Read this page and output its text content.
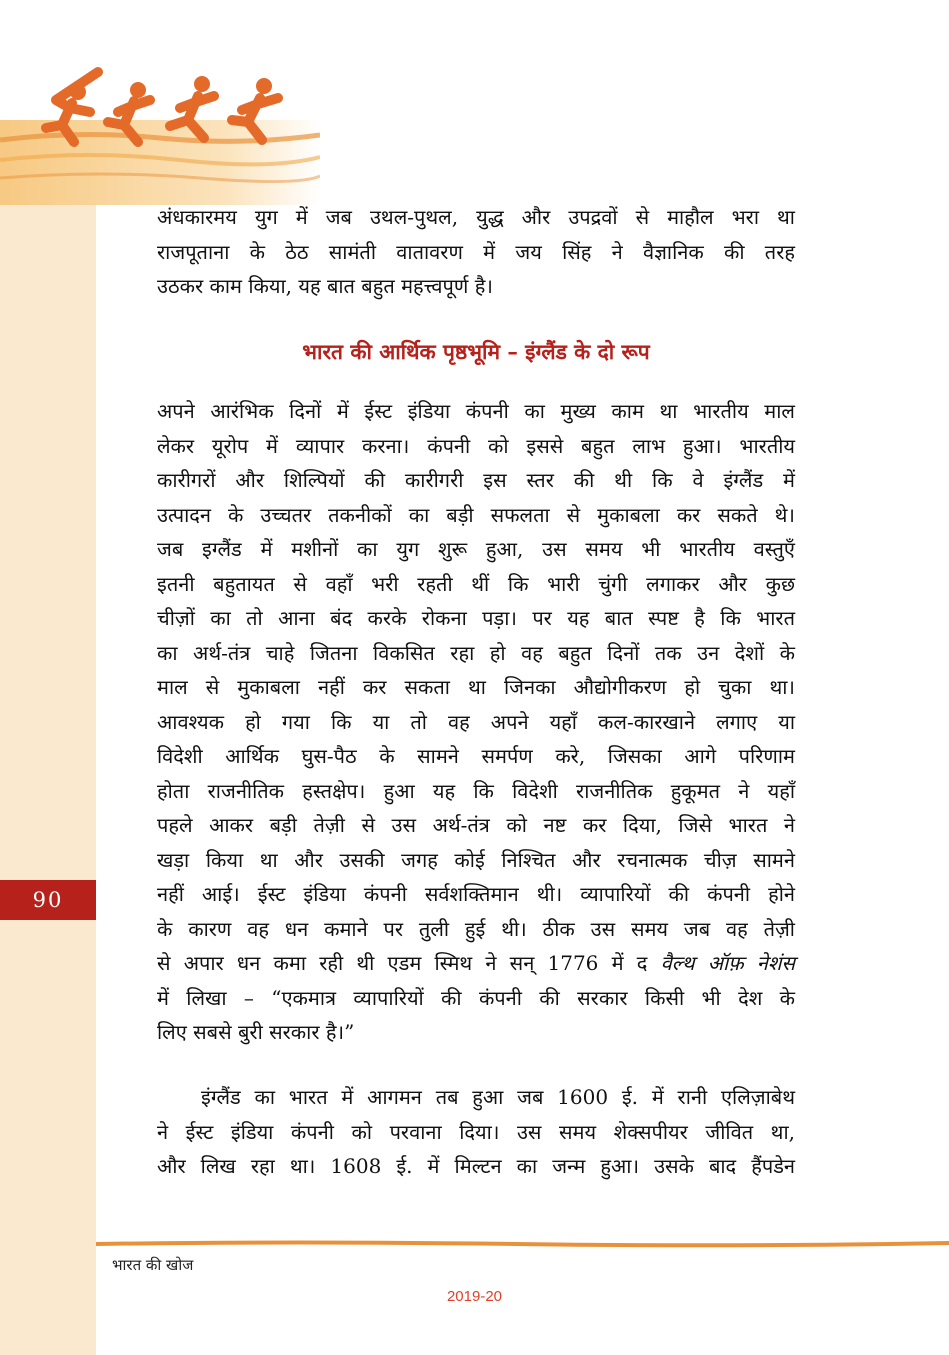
90

अंधकारमय युग में जब उथल-पुथल, युद्ध और उपद्रवों से माहौल भरा था
राजपूताना के ठेठ सामंती वातावरण में जय सिंह ने वैज्ञानिक की तरह
उठकर काम किया, यह बात बहुत महत्त्वपूर्ण है।

भारत की आर्थिक पृष्ठभूमि – इंग्लैंड के दो रूप

अपने आरंभिक दिनों में ईस्ट इंडिया कंपनी का मुख्य काम था भारतीय माल
लेकर यूरोप में व्यापार करना। कंपनी को इससे बहुत लाभ हुआ। भारतीय
कारीगरों और शिल्पियों की कारीगरी इस स्तर की थी कि वे इंग्लैंड में
उत्पादन के उच्चतर तकनीकों का बड़ी सफलता से मुकाबला कर सकते थे।
जब इग्लैंड में मशीनों का युग शुरू हुआ, उस समय भी भारतीय वस्तुएँ
इतनी बहुतायत से वहाँ भरी रहती थीं कि भारी चुंगी लगाकर और कुछ
चीज़ों का तो आना बंद करके रोकना पड़ा। पर यह बात स्पष्ट है कि भारत
का अर्थ-तंत्र चाहे जितना विकसित रहा हो वह बहुत दिनों तक उन देशों के
माल से मुकाबला नहीं कर सकता था जिनका औद्योगीकरण हो चुका था।
आवश्यक हो गया कि या तो वह अपने यहाँ कल-कारखाने लगाए या
विदेशी आर्थिक घुस-पैठ के सामने समर्पण करे, जिसका आगे परिणाम
होता राजनीतिक हस्तक्षेप। हुआ यह कि विदेशी राजनीतिक हुकूमत ने यहाँ
पहले आकर बड़ी तेज़ी से उस अर्थ-तंत्र को नष्ट कर दिया, जिसे भारत ने
खड़ा किया था और उसकी जगह कोई निश्चित और रचनात्मक चीज़ सामने
नहीं आई। ईस्ट इंडिया कंपनी सर्वशक्तिमान थी। व्यापारियों की कंपनी होने
के कारण वह धन कमाने पर तुली हुई थी। ठीक उस समय जब वह तेज़ी
से अपार धन कमा रही थी एडम स्मिथ ने सन् 1776 में द वैल्थ ऑफ़ नेशंस
में लिखा – “एकमात्र व्यापारियों की कंपनी की सरकार किसी भी देश के
लिए सबसे बुरी सरकार है।”

इंग्लैंड का भारत में आगमन तब हुआ जब 1600 ई. में रानी एलिज़ाबेथ
ने ईस्ट इंडिया कंपनी को परवाना दिया। उस समय शेक्सपीयर जीवित था,
और लिख रहा था। 1608 ई. में मिल्टन का जन्म हुआ। उसके बाद हैंपडेन

भारत की खोज
2019-20
